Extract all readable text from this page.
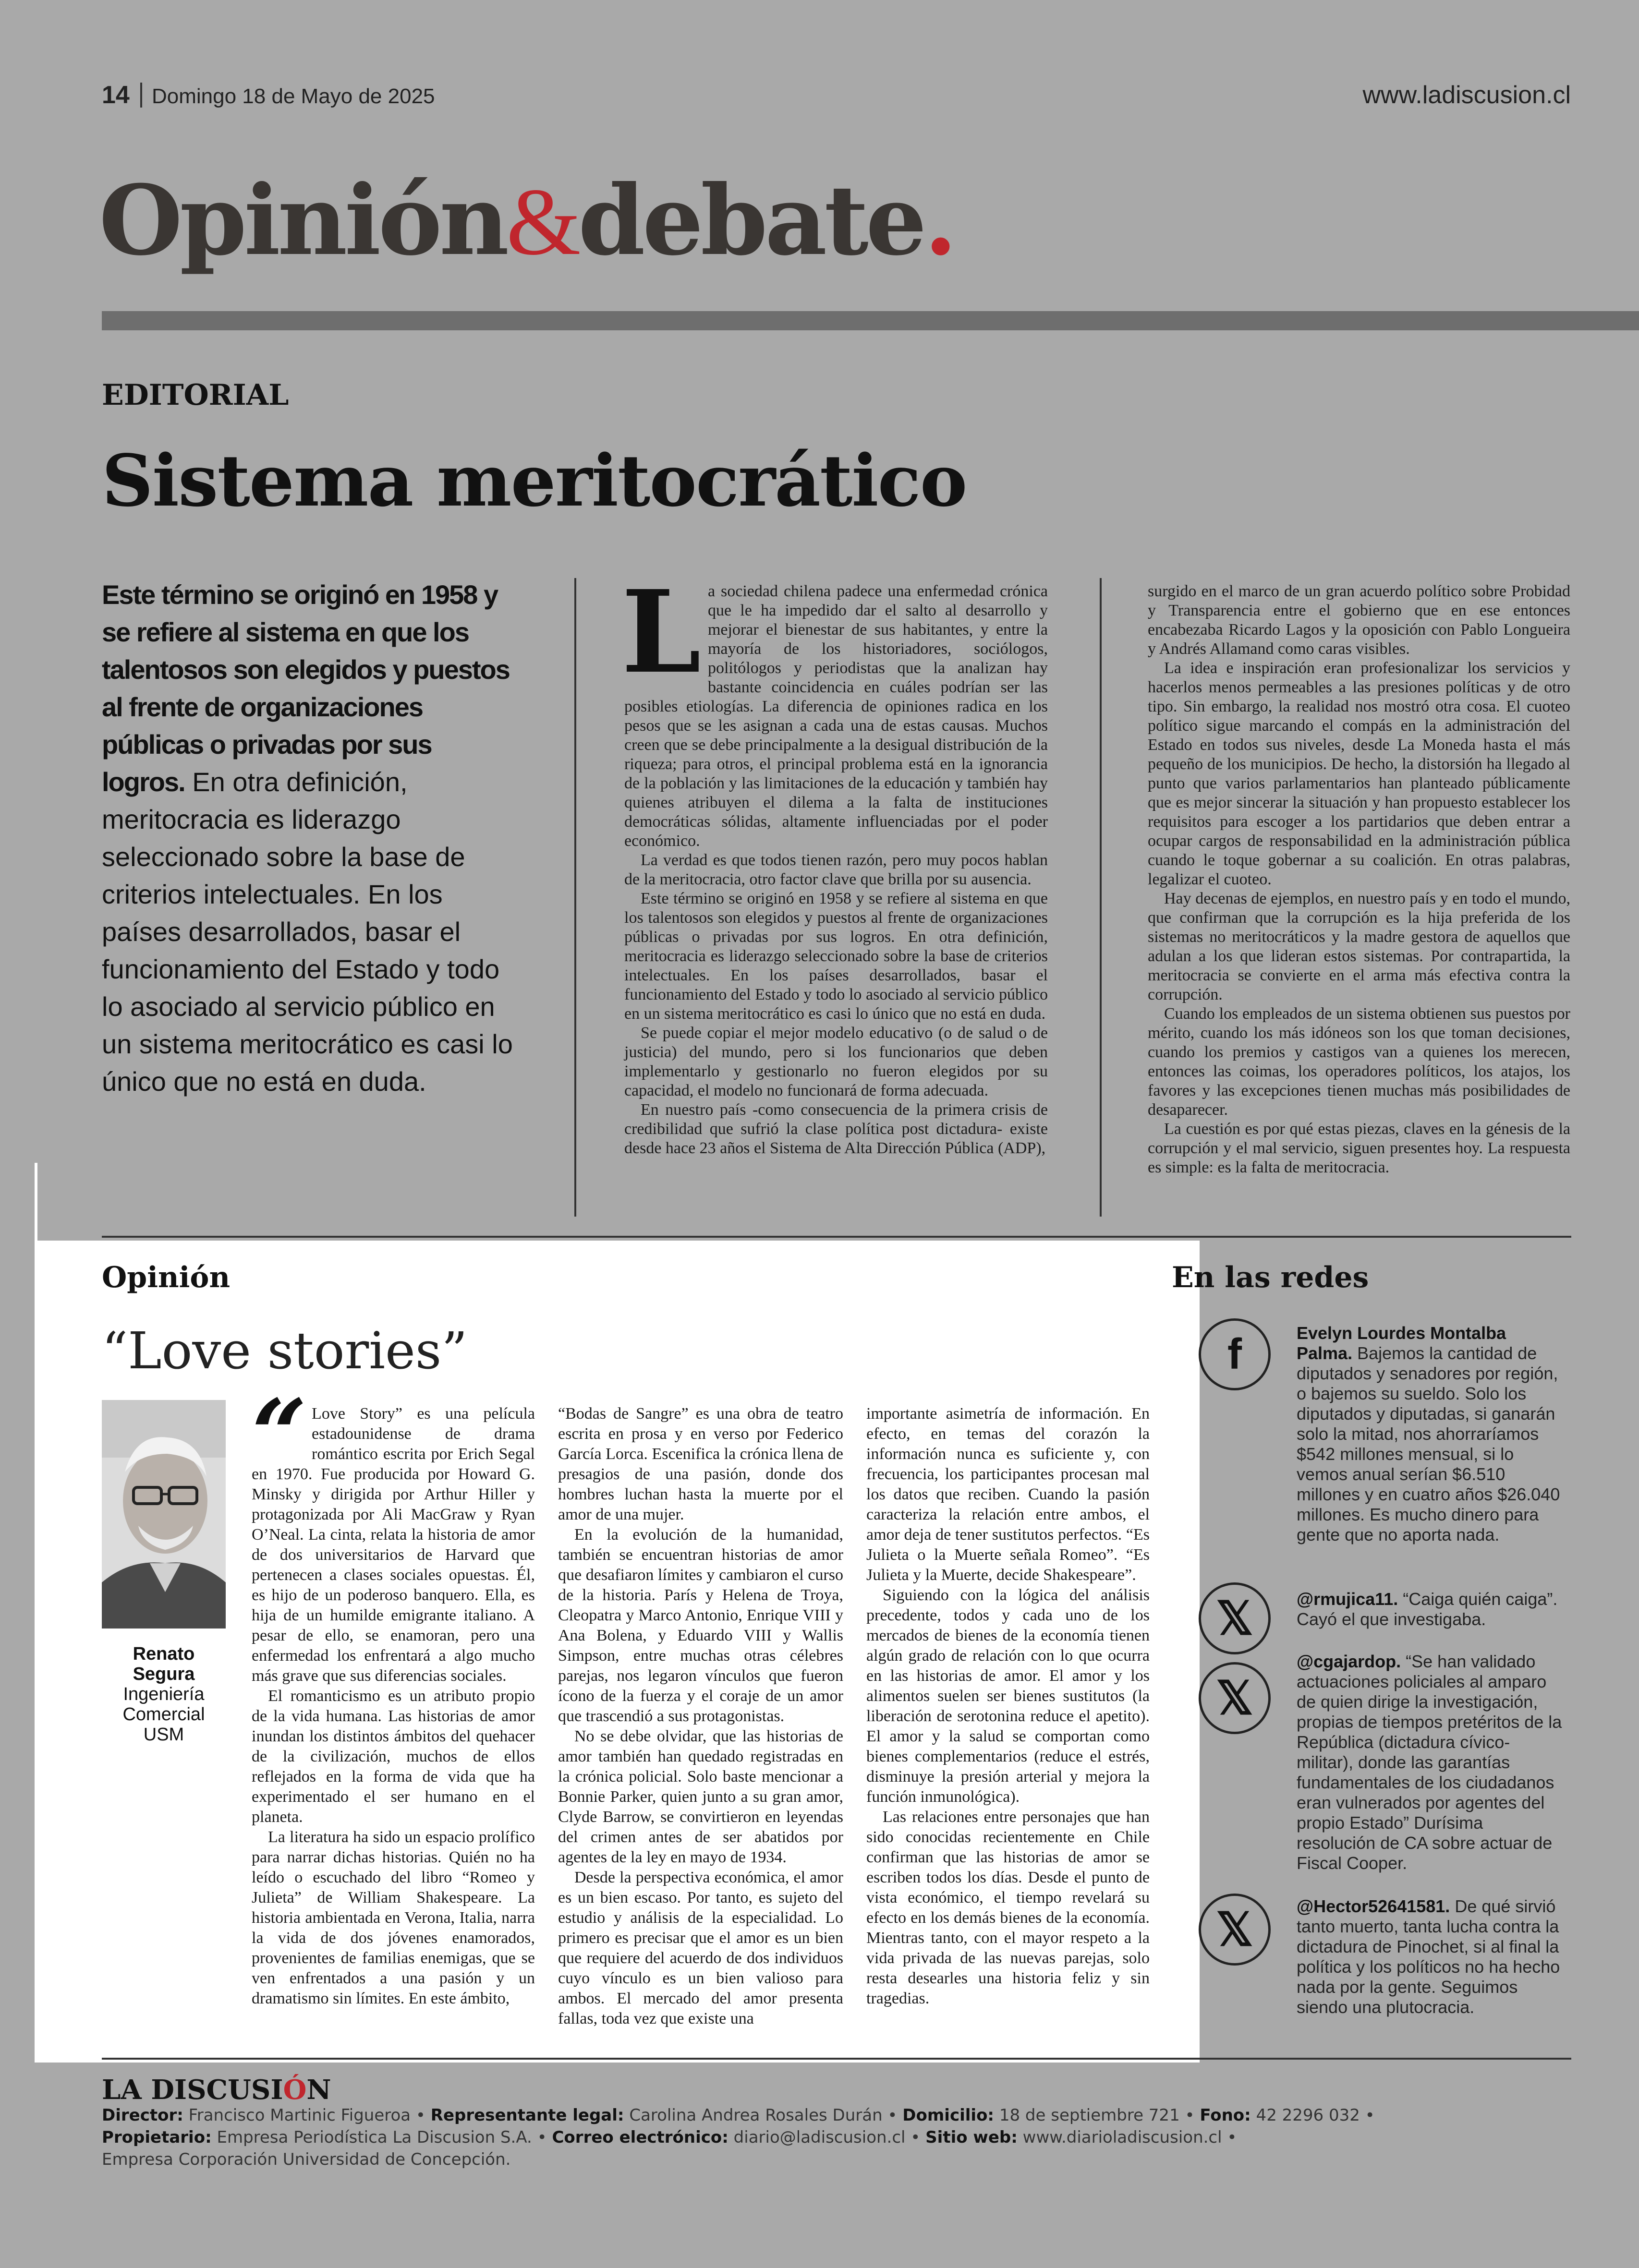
14 Domingo 18 de Mayo de 2025	www.ladiscusion.cl
Opinión&debate.
EDITORIAL
Sistema meritocrático
Este término se originó en 1958 y se refiere al sistema en que los talentosos son elegidos y puestos al frente de organizaciones públicas o privadas por sus logros. En otra definición, meritocracia es liderazgo seleccionado sobre la base de criterios intelectuales. En los países desarrollados, basar el funcionamiento del Estado y todo lo asociado al servicio público en un sistema meritocrático es casi lo único que no está en duda.
L a sociedad chilena padece una enfermedad crónica que le ha impedido dar el salto al desarrollo y mejorar el bienestar de sus habitantes, y entre la mayoría de los historiadores, sociólogos, politólogos y periodistas que la analizan hay bastante coincidencia en cuáles podrían ser las posibles etiologías. La diferencia de opiniones radica en los pesos que se les asignan a cada una de estas causas. Muchos creen que se debe principalmente a la desigual distribución de la riqueza; para otros, el principal problema está en la ignorancia de la población y las limitaciones de la educación y también hay quienes atribuyen el dilema a la falta de instituciones democráticas sólidas, altamente influenciadas por el poder económico.

La verdad es que todos tienen razón, pero muy pocos hablan de la meritocracia, otro factor clave que brilla por su ausencia.

Este término se originó en 1958 y se refiere al sistema en que los talentosos son elegidos y puestos al frente de organizaciones públicas o privadas por sus logros. En otra definición, meritocracia es liderazgo seleccionado sobre la base de criterios intelectuales. En los países desarrollados, basar el funcionamiento del Estado y todo lo asociado al servicio público en un sistema meritocrático es casi lo único que no está en duda.

Se puede copiar el mejor modelo educativo (o de salud o de justicia) del mundo, pero si los funcionarios que deben implementarlo y gestionarlo no fueron elegidos por su capacidad, el modelo no funcionará de forma adecuada.

En nuestro país -como consecuencia de la primera crisis de credibilidad que sufrió la clase política post dictadura- existe desde hace 23 años el Sistema de Alta Dirección Pública (ADP),

surgido en el marco de un gran acuerdo político sobre Probidad y Transparencia entre el gobierno que en ese entonces encabezaba Ricardo Lagos y la oposición con Pablo Longueira y Andrés Allamand como caras visibles.

La idea e inspiración eran profesionalizar los servicios y hacerlos menos permeables a las presiones políticas y de otro tipo. Sin embargo, la realidad nos mostró otra cosa. El cuoteo político sigue marcando el compás en la administración del Estado en todos sus niveles, desde La Moneda hasta el más pequeño de los municipios. De hecho, la distorsión ha llegado al punto que varios parlamentarios han planteado públicamente que es mejor sincerar la situación y han propuesto establecer los requisitos para escoger a los partidarios que deben entrar a ocupar cargos de responsabilidad en la administración pública cuando le toque gobernar a su coalición. En otras palabras, legalizar el cuoteo.

Hay decenas de ejemplos, en nuestro país y en todo el mundo, que confirman que la corrupción es la hija preferida de los sistemas no meritocráticos y la madre gestora de aquellos que adulan a los que lideran estos sistemas. Por contrapartida, la meritocracia se convierte en el arma más efectiva contra la corrupción.

Cuando los empleados de un sistema obtienen sus puestos por mérito, cuando los más idóneos son los que toman decisiones, cuando los premios y castigos van a quienes los merecen, entonces las coimas, los operadores políticos, los atajos, los favores y las excepciones tienen muchas más posibilidades de desaparecer.

La cuestión es por qué estas piezas, claves en la génesis de la corrupción y el mal servicio, siguen presentes hoy. La respuesta es simple: es la falta de meritocracia.

Opinión
“Love stories”
Renato Segura
Ingeniería Comercial USM
“ Love Story” es una película estadounidense de drama romántico escrita por Erich Segal en 1970. Fue producida por Howard G. Minsky y dirigida por Arthur Hiller y protagonizada por Ali MacGraw y Ryan O’Neal. La cinta, relata la historia de amor de dos universitarios de Harvard que pertenecen a clases sociales opuestas. Él, es hijo de un poderoso banquero. Ella, es hija de un humilde emigrante italiano. A pesar de ello, se enamoran, pero una enfermedad los enfrentará a algo mucho más grave que sus diferencias sociales.

El romanticismo es un atributo propio de la vida humana. Las historias de amor inundan los distintos ámbitos del quehacer de la civilización, muchos de ellos reflejados en la forma de vida que ha experimentado el ser humano en el planeta.

La literatura ha sido un espacio prolífico para narrar dichas historias. Quién no ha leído o escuchado del libro “Romeo y Julieta” de William Shakespeare. La historia ambientada en Verona, Italia, narra la vida de dos jóvenes enamorados, provenientes de familias enemigas, que se ven enfrentados a una pasión y un dramatismo sin límites. En este ámbito,

“Bodas de Sangre” es una obra de teatro escrita en prosa y en verso por Federico García Lorca. Escenifica la crónica llena de presagios de una pasión, donde dos hombres luchan hasta la muerte por el amor de una mujer.

En la evolución de la humanidad, también se encuentran historias de amor que desafiaron límites y cambiaron el curso de la historia. París y Helena de Troya, Cleopatra y Marco Antonio, Enrique VIII y Ana Bolena, y Eduardo VIII y Wallis Simpson, entre muchas otras célebres parejas, nos legaron vínculos que fueron ícono de la fuerza y el coraje de un amor que trascendió a sus protagonistas.

No se debe olvidar, que las historias de amor también han quedado registradas en la crónica policial. Solo baste mencionar a Bonnie Parker, quien junto a su gran amor, Clyde Barrow, se convirtieron en leyendas del crimen antes de ser abatidos por agentes de la ley en mayo de 1934.

Desde la perspectiva económica, el amor es un bien escaso. Por tanto, es sujeto del estudio y análisis de la especialidad. Lo primero es precisar que el amor es un bien que requiere del acuerdo de dos individuos cuyo vínculo es un bien valioso para ambos. El mercado del amor presenta fallas, toda vez que existe una

importante asimetría de información. En efecto, en temas del corazón la información nunca es suficiente y, con frecuencia, los participantes procesan mal los datos que reciben. Cuando la pasión caracteriza la relación entre ambos, el amor deja de tener sustitutos perfectos. “Es Julieta o la Muerte señala Romeo”. “Es Julieta y la Muerte, decide Shakespeare”.

Siguiendo con la lógica del análisis precedente, todos y cada uno de los mercados de bienes de la economía tienen algún grado de relación con lo que ocurra en las historias de amor. El amor y los alimentos suelen ser bienes sustitutos (la liberación de serotonina reduce el apetito). El amor y la salud se comportan como bienes complementarios (reduce el estrés, disminuye la presión arterial y mejora la función inmunológica).

Las relaciones entre personajes que han sido conocidas recientemente en Chile confirman que las historias de amor se escriben todos los días. Desde el punto de vista económico, el tiempo revelará su efecto en los demás bienes de la economía. Mientras tanto, con el mayor respeto a la vida privada de las nuevas parejas, solo resta desearles una historia feliz y sin tragedias.

En las redes
f
𝕏
𝕏
𝕏
Evelyn Lourdes Montalba Palma. Bajemos la cantidad de diputados y senadores por región, o bajemos su sueldo. Solo los diputados y diputadas, si ganarán solo la mitad, nos ahorraríamos $542 millones mensual, si lo vemos anual serían $6.510 millones y en cuatro años $26.040 millones. Es mucho dinero para gente que no aporta nada.
@rmujica11. “Caiga quién caiga”. Cayó el que investigaba.
@cgajardop. “Se han validado actuaciones policiales al amparo de quien dirige la investigación, propias de tiempos pretéritos de la República (dictadura cívico-militar), donde las garantías fundamentales de los ciudadanos eran vulnerados por agentes del propio Estado” Durísima resolución de CA sobre actuar de Fiscal Cooper.
@Hector52641581. De qué sirvió tanto muerto, tanta lucha contra la dictadura de Pinochet, si al final la política y los políticos no ha hecho nada por la gente. Seguimos siendo una plutocracia.
LA DISCUSIÓN
Director: Francisco Martinic Figueroa • Representante legal: Carolina Andrea Rosales Durán • Domicilio: 18 de septiembre 721 • Fono: 42 2296 032 •
Propietario: Empresa Periodística La Discusion S.A. • Correo electrónico: diario@ladiscusion.cl • Sitio web: www.diarioladiscusion.cl •
Empresa Corporación Universidad de Concepción.
